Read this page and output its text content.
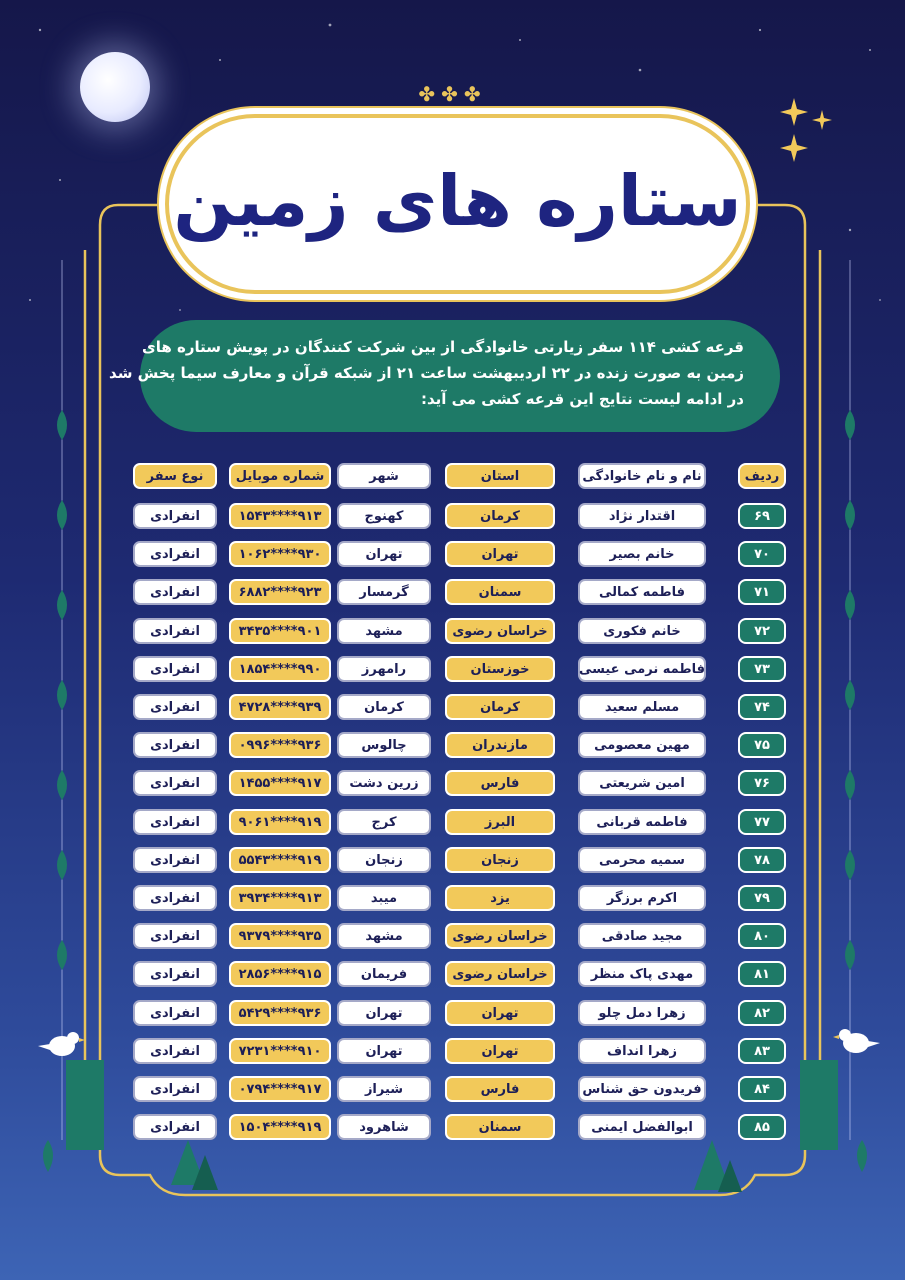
✤✤✤
ستاره های زمین

قرعه کشی ۱۱۴ سفر زیارتی خانوادگی از بین شرکت کنندگان در پویش ستاره های

زمین به صورت زنده در ۲۲ اردیبهشت ساعت ۲۱ از شبکه قرآن و معارف سیما پخش شد

در ادامه لیست نتایج این قرعه کشی می آید:

ردیف
نام و نام خانوادگی
استان
شهر
شماره موبایل
نوع سفر
۶۹
اقتدار نژاد
کرمان
کهنوج
۹۱۳****۱۵۴۳
انفرادی
۷۰
خانم بصیر
تهران
تهران
۹۳۰****۱۰۶۲
انفرادی
۷۱
فاطمه کمالی
سمنان
گرمسار
۹۲۳****۶۸۸۲
انفرادی
۷۲
خانم فکوری
خراسان رضوی
مشهد
۹۰۱****۳۴۳۵
انفرادی
۷۳
فاطمه نرمی عیسی
خوزستان
رامهرز
۹۹۰****۱۸۵۴
انفرادی
۷۴
مسلم سعید
کرمان
کرمان
۹۳۹****۴۷۲۸
انفرادی
۷۵
مهین معصومی
مازندران
چالوس
۹۳۶****۰۹۹۶
انفرادی
۷۶
امین شریعتی
فارس
زرین دشت
۹۱۷****۱۴۵۵
انفرادی
۷۷
فاطمه قربانی
البرز
کرج
۹۱۹****۹۰۶۱
انفرادی
۷۸
سمیه محرمی
زنجان
زنجان
۹۱۹****۵۵۴۳
انفرادی
۷۹
اکرم برزگر
یزد
میبد
۹۱۳****۳۹۳۴
انفرادی
۸۰
مجید صادقی
خراسان رضوی
مشهد
۹۳۵****۹۳۷۹
انفرادی
۸۱
مهدی پاک منظر
خراسان رضوی
فریمان
۹۱۵****۲۸۵۶
انفرادی
۸۲
زهرا دمل چلو
تهران
تهران
۹۳۶****۵۴۲۹
انفرادی
۸۳
زهرا انداف
تهران
تهران
۹۱۰****۷۲۳۱
انفرادی
۸۴
فریدون حق شناس
فارس
شیراز
۹۱۷****۰۷۹۴
انفرادی
۸۵
ابوالفضل ایمنی
سمنان
شاهرود
۹۱۹****۱۵۰۴
انفرادی
